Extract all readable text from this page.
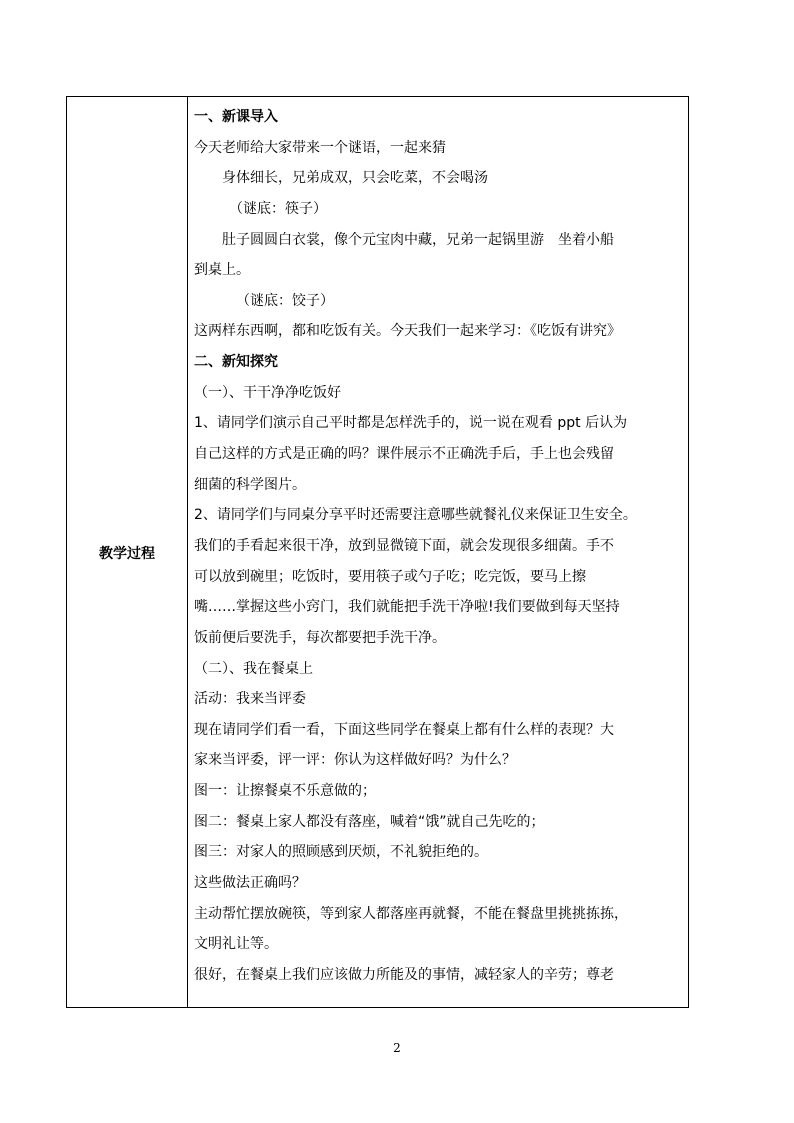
教学过程
一、新课导入
今天老师给大家带来一个谜语，一起来猜
身体细长，兄弟成双，只会吃菜，不会喝汤
（谜底：筷子）
肚子圆圆白衣裳，像个元宝肉中藏，兄弟一起锅里游　坐着小船
到桌上。
（谜底：饺子）
这两样东西啊，都和吃饭有关。今天我们一起来学习：《吃饭有讲究》
二、新知探究
（一）、干干净净吃饭好
1、请同学们演示自己平时都是怎样洗手的，说一说在观看 ppt 后认为
自己这样的方式是正确的吗？课件展示不正确洗手后，手上也会残留
细菌的科学图片。
2、请同学们与同桌分享平时还需要注意哪些就餐礼仪来保证卫生安全。
我们的手看起来很干净，放到显微镜下面，就会发现很多细菌。手不
可以放到碗里；吃饭时，要用筷子或勺子吃；吃完饭，要马上擦
嘴……掌握这些小窍门，我们就能把手洗干净啦!我们要做到每天坚持
饭前便后要洗手，每次都要把手洗干净。
（二）、我在餐桌上
活动：我来当评委
现在请同学们看一看，下面这些同学在餐桌上都有什么样的表现？大
家来当评委，评一评：你认为这样做好吗？为什么？
图一：让擦餐桌不乐意做的；
图二：餐桌上家人都没有落座，喊着“饿”就自己先吃的；
图三：对家人的照顾感到厌烦，不礼貌拒绝的。
这些做法正确吗？
主动帮忙摆放碗筷，等到家人都落座再就餐，不能在餐盘里挑挑拣拣，
文明礼让等。
很好，在餐桌上我们应该做力所能及的事情，减轻家人的辛劳；尊老
2
